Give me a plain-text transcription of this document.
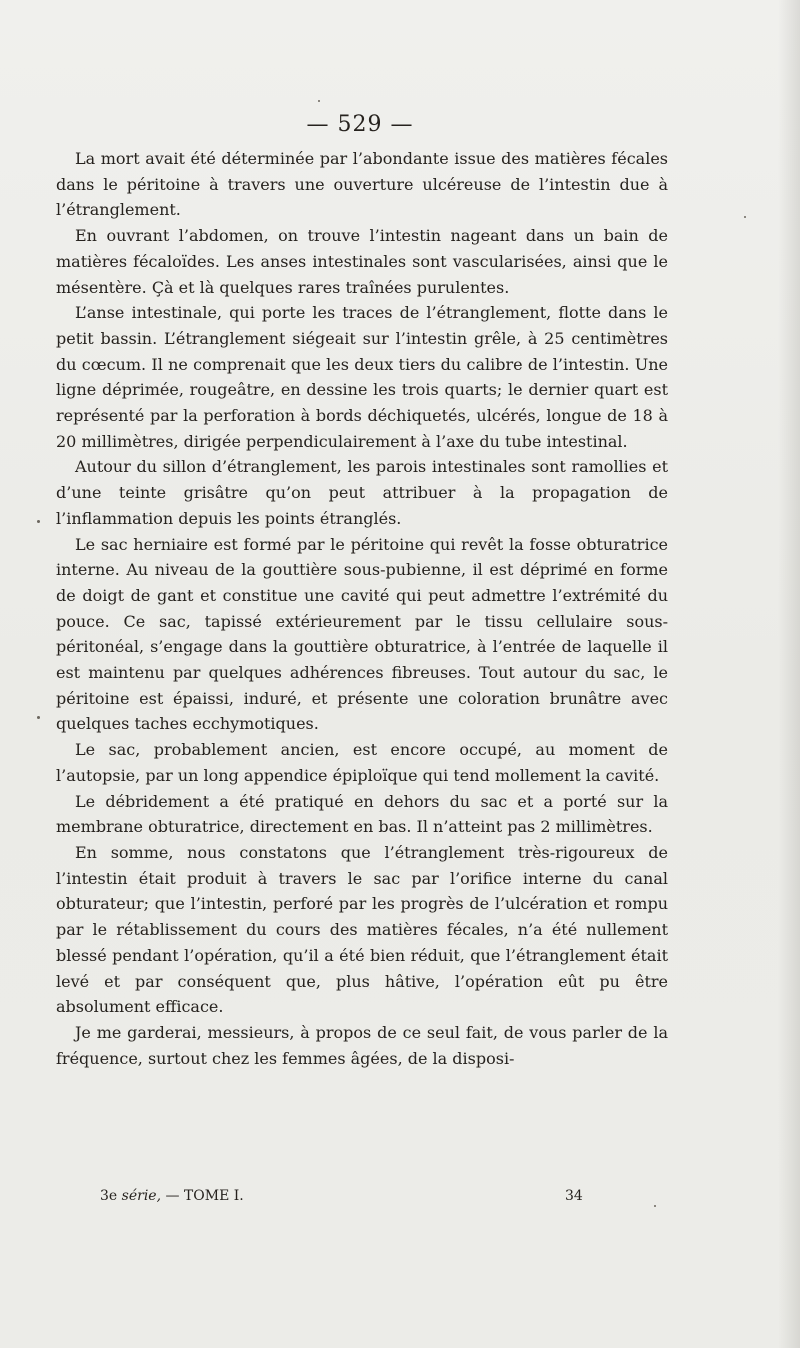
— 529 —

La mort avait été déterminée par l’abondante issue des matières fécales dans le péritoine à travers une ouverture ulcéreuse de l’intestin due à l’étranglement.

En ouvrant l’abdomen, on trouve l’intestin nageant dans un bain de matières fécaloïdes. Les anses intestinales sont vascularisées, ainsi que le mésentère. Çà et là quelques rares traînées purulentes.

L’anse intestinale, qui porte les traces de l’étranglement, flotte dans le petit bassin. L’étranglement siégeait sur l’intestin grêle, à 25 centimètres du cœcum. Il ne comprenait que les deux tiers du calibre de l’intestin. Une ligne déprimée, rougeâtre, en dessine les trois quarts; le dernier quart est représenté par la perforation à bords déchiquetés, ulcérés, longue de 18 à 20 millimètres, dirigée perpendiculairement à l’axe du tube intestinal.

Autour du sillon d’étranglement, les parois intestinales sont ramollies et d’une teinte grisâtre qu’on peut attribuer à la propagation de l’inflammation depuis les points étranglés.

Le sac herniaire est formé par le péritoine qui revêt la fosse obturatrice interne. Au niveau de la gouttière sous-pubienne, il est déprimé en forme de doigt de gant et constitue une cavité qui peut admettre l’extrémité du pouce. Ce sac, tapissé extérieurement par le tissu cellulaire sous-péritonéal, s’engage dans la gouttière obturatrice, à l’entrée de laquelle il est maintenu par quelques adhérences fibreuses. Tout autour du sac, le péritoine est épaissi, induré, et présente une coloration brunâtre avec quelques taches ecchymotiques.

Le sac, probablement ancien, est encore occupé, au moment de l’autopsie, par un long appendice épiploïque qui tend mollement la cavité.

Le débridement a été pratiqué en dehors du sac et a porté sur la membrane obturatrice, directement en bas. Il n’atteint pas 2 millimètres.

En somme, nous constatons que l’étranglement très-rigoureux de l’intestin était produit à travers le sac par l’orifice interne du canal obturateur; que l’intestin, perforé par les progrès de l’ulcération et rompu par le rétablissement du cours des matières fécales, n’a été nullement blessé pendant l’opération, qu’il a été bien réduit, que l’étranglement était levé et par conséquent que, plus hâtive, l’opération eût pu être absolument efficace.

Je me garderai, messieurs, à propos de ce seul fait, de vous parler de la fréquence, surtout chez les femmes âgées, de la disposi-

3e série, — TOME I.	34
